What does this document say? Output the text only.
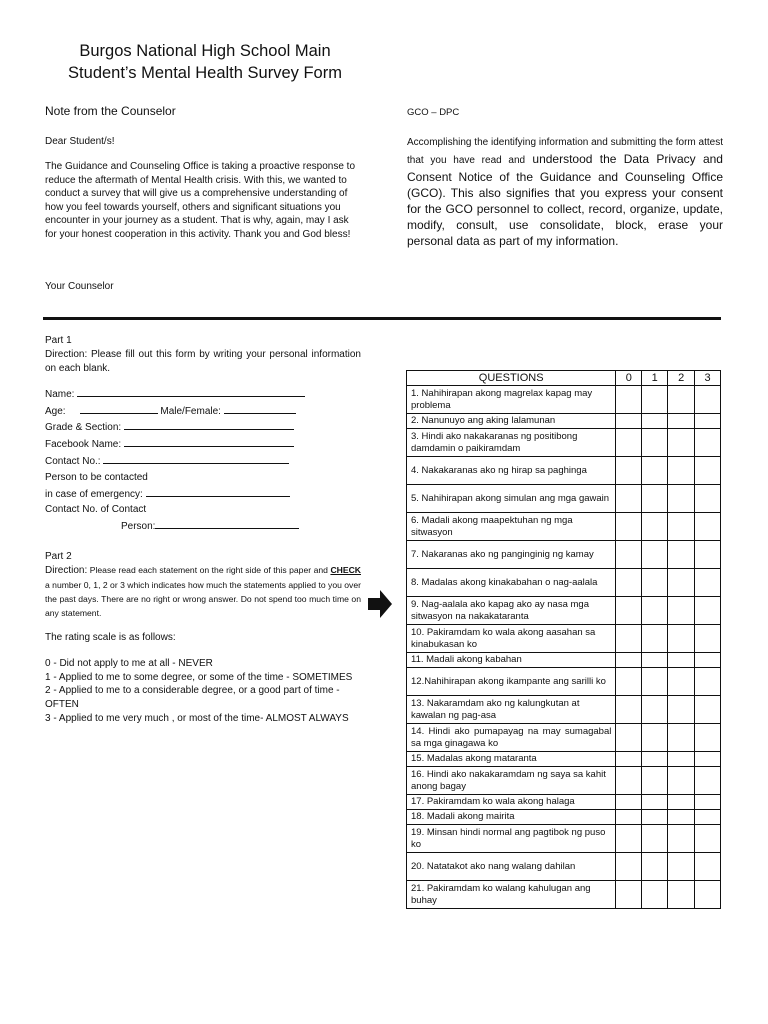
Burgos National High School Main
Student’s Mental Health Survey Form
Note from the Counselor
Dear Student/s!
The Guidance and Counseling Office is taking a proactive response to reduce the aftermath of Mental Health crisis. With this, we wanted to conduct a survey that will give us a comprehensive understanding of how you feel towards yourself, others and significant situations you encounter in your journey as a student. That is why, again, may I ask for your honest cooperation in this activity. Thank you and God bless!
Your Counselor
GCO – DPC
Accomplishing the identifying information and submitting the form attest that you have read and understood the Data Privacy and Consent Notice of the Guidance and Counseling Office (GCO). This also signifies that you express your consent for the GCO personnel to collect, record, organize, update, modify, consult, use consolidate, block, erase your personal data as part of my information.
Part 1
Direction: Please fill out this form by writing your personal information on each blank.
Name:
Age:	Male/Female:
Grade & Section:
Facebook Name:
Contact No.:
Person to be contacted
in case of emergency:
Contact No. of Contact
Person:
Part 2
Direction: Please read each statement on the right side of this paper and CHECK a number 0, 1, 2 or 3 which indicates how much the statements applied to you over the past days. There are no right or wrong answer. Do not spend too much time on any statement.
The rating scale is as follows:
0 - Did not apply to me at all - NEVER
1 - Applied to me to some degree, or some of the time - SOMETIMES
2 - Applied to me to a considerable degree, or a good part of time - OFTEN
3 - Applied to me very much , or most of the time- ALMOST ALWAYS
QUESTIONS	0	1	2	3
1. Nahihirapan akong magrelax kapag may problema				
2. Nanunuyo ang aking lalamunan				
3. Hindi ako nakakaranas ng positibong damdamin o paikiramdam				
4. Nakakaranas ako ng hirap sa paghinga				
5. Nahihirapan akong simulan ang mga gawain				
6. Madali akong maapektuhan ng mga sitwasyon				
7. Nakaranas ako ng panginginig ng kamay				
8. Madalas akong kinakabahan o nag-aalala				
9. Nag-aalala ako kapag ako ay nasa mga sitwasyon na nakakataranta				
10. Pakiramdam ko wala akong aasahan sa kinabukasan ko				
11. Madali akong kabahan				
12.Nahihirapan akong ikampante ang sarilli ko				
13. Nakaramdam ako ng kalungkutan at kawalan ng pag-asa				
14. Hindi ako pumapayag na may sumagabal sa mga ginagawa ko				
15. Madalas akong mataranta				
16. Hindi ako nakakaramdam ng saya sa kahit anong bagay				
17. Pakiramdam ko wala akong halaga				
18. Madali akong mairita				
19. Minsan hindi normal ang pagtibok ng puso ko				
20. Natatakot ako nang walang dahilan				
21. Pakiramdam ko walang kahulugan ang buhay				
